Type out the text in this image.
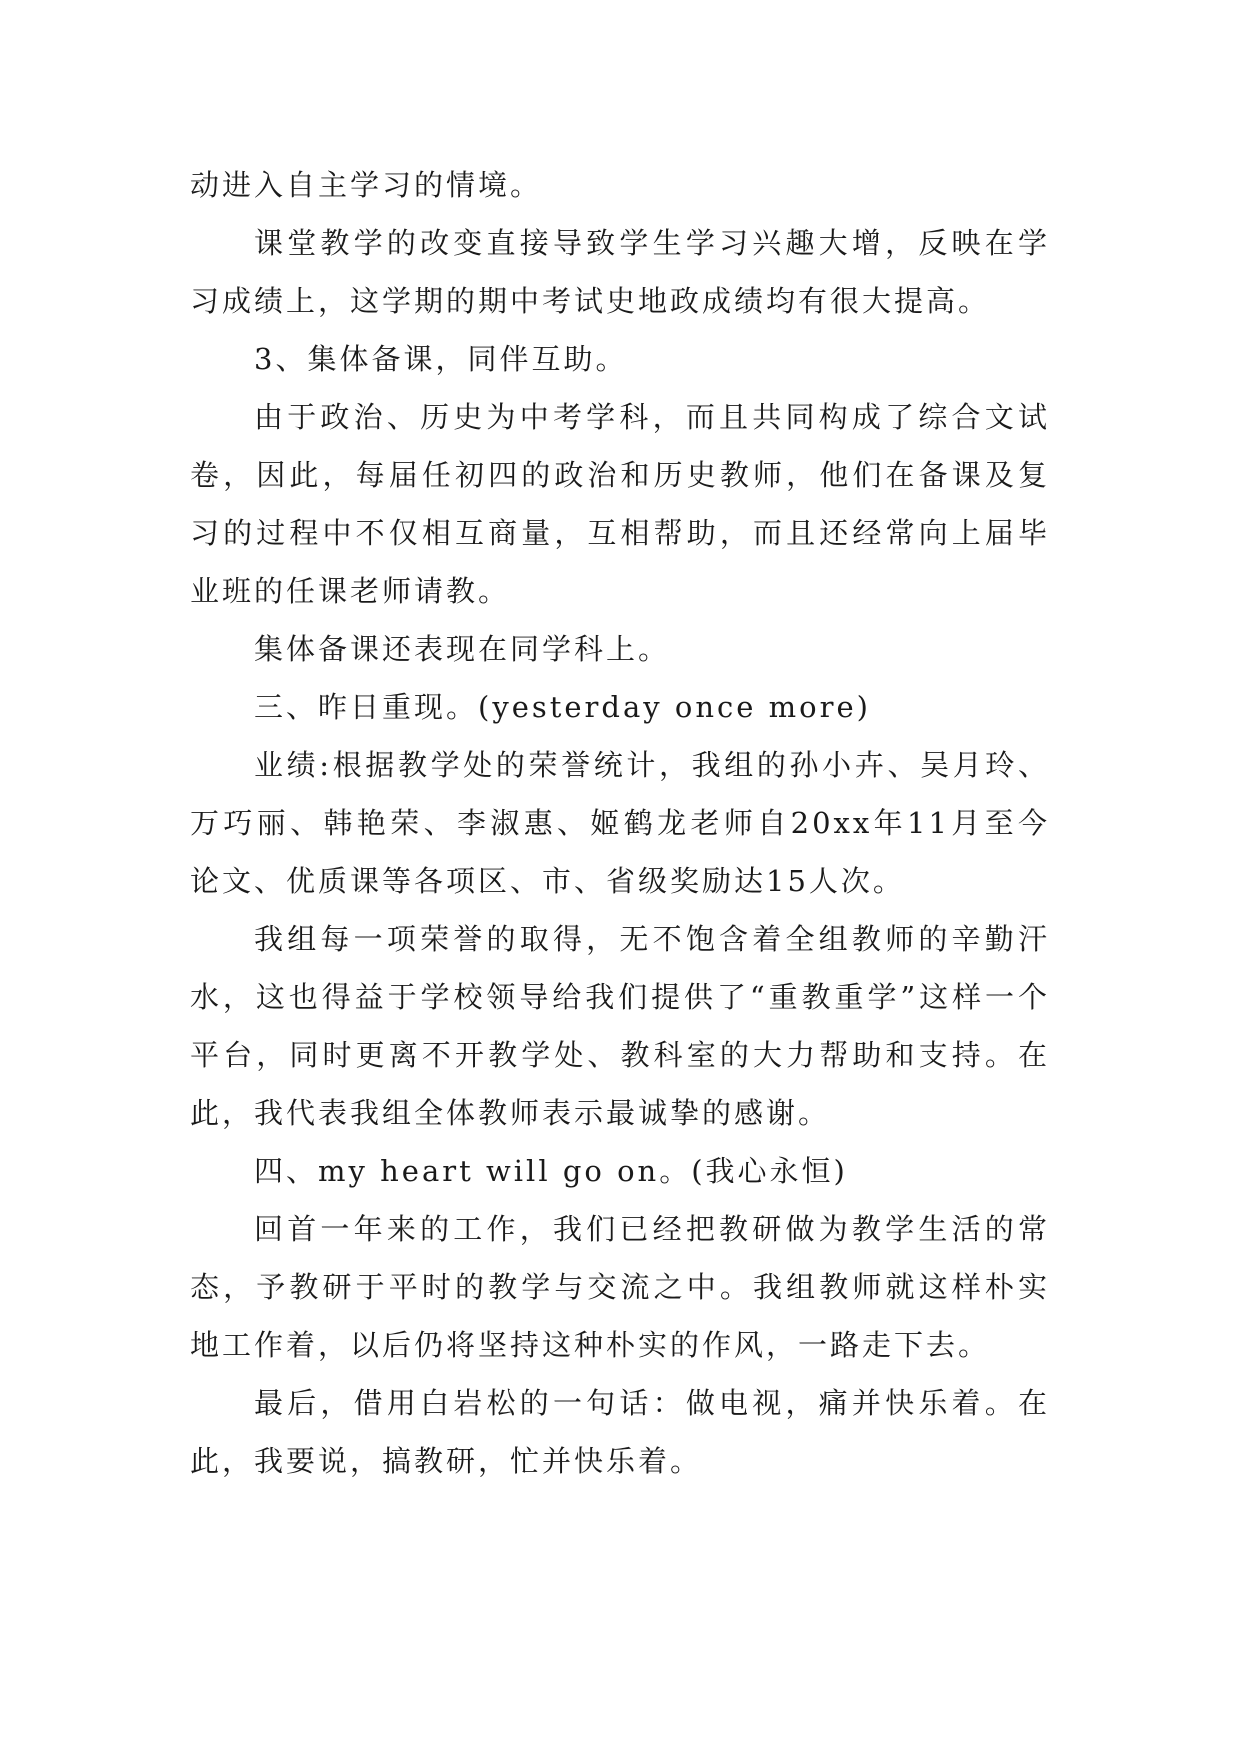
动进入自主学习的情境。

课堂教学的改变直接导致学生学习兴趣大增，反映在学习成绩上，这学期的期中考试史地政成绩均有很大提高。

3、集体备课，同伴互助。

由于政治、历史为中考学科，而且共同构成了综合文试卷，因此，每届任初四的政治和历史教师，他们在备课及复习的过程中不仅相互商量，互相帮助，而且还经常向上届毕业班的任课老师请教。

集体备课还表现在同学科上。

三、昨日重现。(yesterday once more)

业绩:根据教学处的荣誉统计，我组的孙小卉、吴月玲、万巧丽、韩艳荣、李淑惠、姬鹤龙老师自20xx年11月至今论文、优质课等各项区、市、省级奖励达15人次。

我组每一项荣誉的取得，无不饱含着全组教师的辛勤汗水，这也得益于学校领导给我们提供了“重教重学”这样一个平台，同时更离不开教学处、教科室的大力帮助和支持。在此，我代表我组全体教师表示最诚挚的感谢。

四、my heart will go on。(我心永恒)

回首一年来的工作，我们已经把教研做为教学生活的常态，予教研于平时的教学与交流之中。我组教师就这样朴实地工作着，以后仍将坚持这种朴实的作风，一路走下去。

最后，借用白岩松的一句话：做电视，痛并快乐着。在此，我要说，搞教研，忙并快乐着。
